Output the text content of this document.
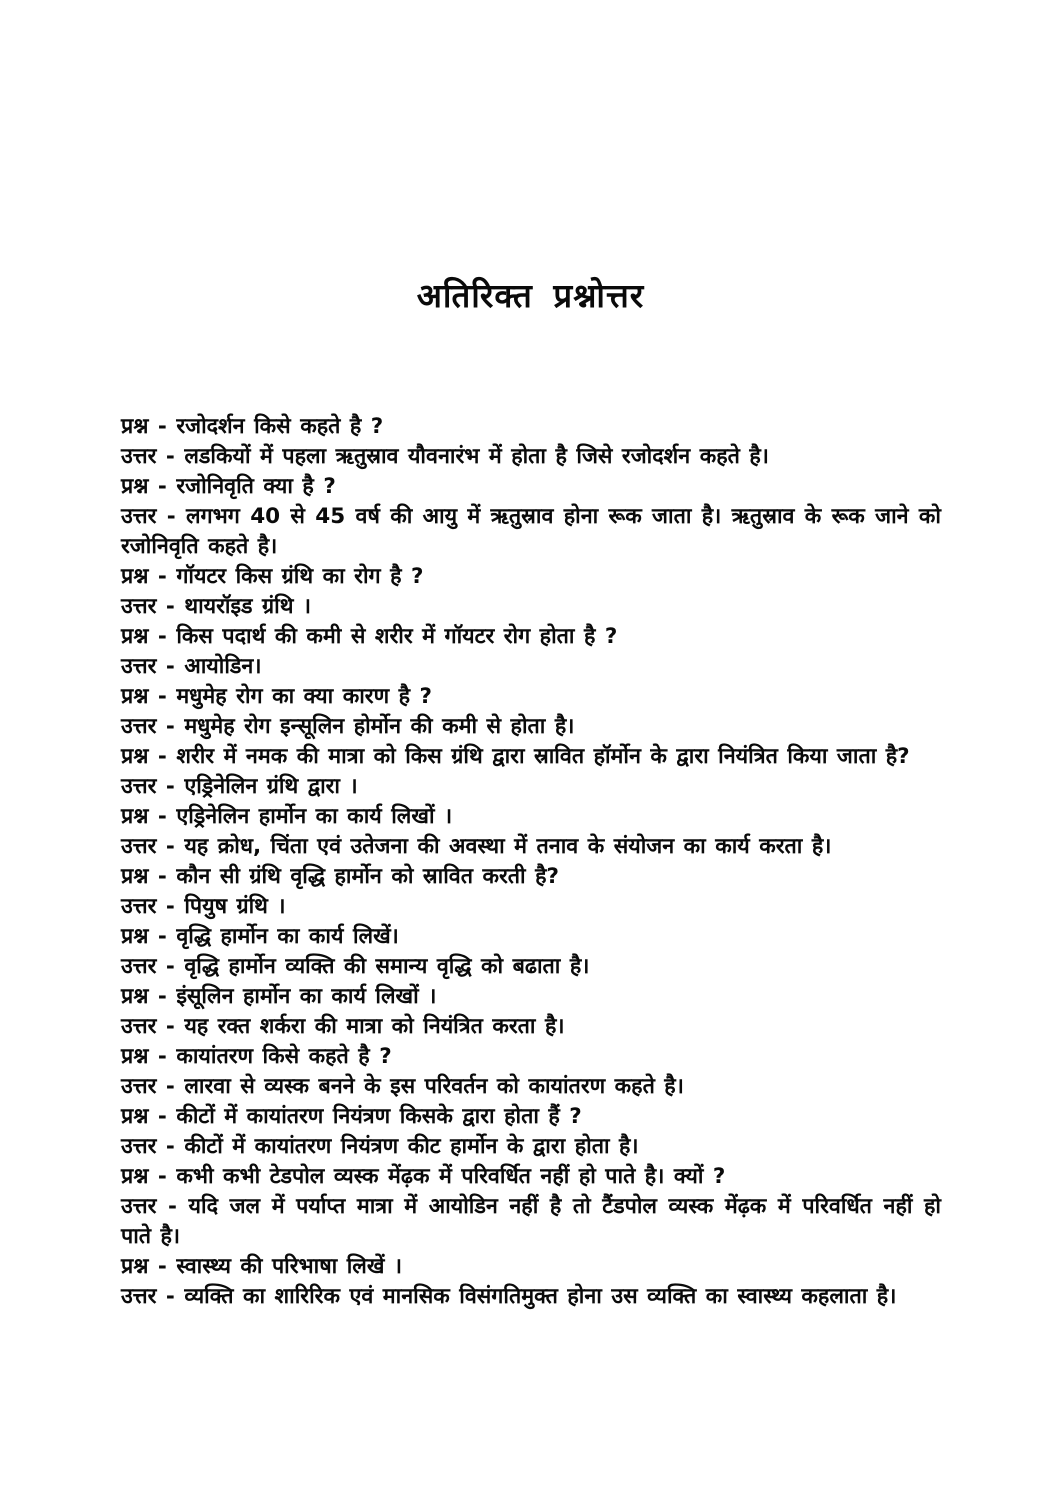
अतिरिक्त प्रश्नोत्तर

प्रश्न - रजोदर्शन किसे कहते है ?

उत्तर - लडकियों में पहला ऋतुस्राव यौवनारंभ में होता है जिसे रजोदर्शन कहते है।

प्रश्न - रजोनिवृति क्या है ?

उत्तर - लगभग 40 से 45 वर्ष की आयु में ऋतुस्राव होना रूक जाता है। ऋतुस्राव के रूक जाने को रजोनिवृति कहते है।

प्रश्न - गॉयटर किस ग्रंथि का रोग है ?

उत्तर - थायरॉइड ग्रंथि ।

प्रश्न - किस पदार्थ की कमी से शरीर में गॉयटर रोग होता है ?

उत्तर - आयोडिन।

प्रश्न - मधुमेह रोग का क्या कारण है ?

उत्तर - मधुमेह रोग इन्सूलिन होर्मोन की कमी से होता है।

प्रश्न - शरीर में नमक की मात्रा को किस ग्रंथि द्वारा स्रावित हॉर्मोन के द्वारा नियंत्रित किया जाता है?

उत्तर - एड्रिनेलिन ग्रंथि द्वारा ।

प्रश्न - एड्रिनेलिन हार्मोन का कार्य लिखों ।

उत्तर - यह क्रोध, चिंता एवं उतेजना की अवस्था में तनाव के संयोजन का कार्य करता है।

प्रश्न - कौन सी ग्रंथि वृद्धि हार्मोन को स्रावित करती है?

उत्तर - पियुष ग्रंथि ।

प्रश्न - वृद्धि हार्मोन का कार्य लिखें।

उत्तर - वृद्धि हार्मोन व्यक्ति की समान्य वृद्धि को बढाता है।

प्रश्न - इंसूलिन हार्मोन का कार्य लिखों ।

उत्तर - यह रक्त शर्करा की मात्रा को नियंत्रित करता है।

प्रश्न - कायांतरण किसे कहते है ?

उत्तर - लारवा से व्यस्क बनने के इस परिवर्तन को कायांतरण कहते है।

प्रश्न - कीटों में कायांतरण नियंत्रण किसके द्वारा होता हैं ?

उत्तर - कीटों में कायांतरण नियंत्रण कीट हार्मोन के द्वारा होता है।

प्रश्न - कभी कभी टेडपोल व्यस्क मेंढ़क में परिवर्धित नहीं हो पाते है। क्यों ?

उत्तर - यदि जल में पर्याप्त मात्रा में आयोडिन नहीं है तो टैंडपोल व्यस्क मेंढ़क में परिवर्धित नहीं हो पाते है।

प्रश्न - स्वास्थ्य की परिभाषा लिखें ।

उत्तर - व्यक्ति का शारिरिक एवं मानसिक विसंगतिमुक्त होना उस व्यक्ति का स्वास्थ्य कहलाता है।
